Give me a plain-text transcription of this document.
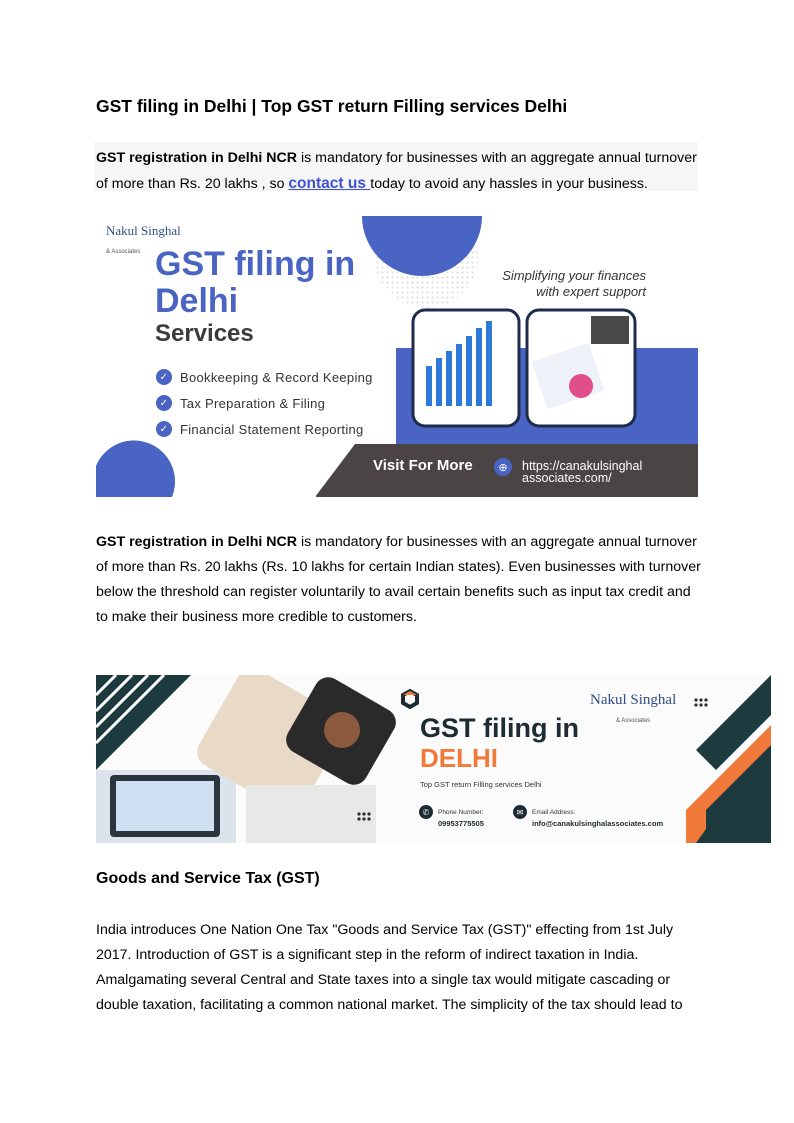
GST filing in Delhi | Top GST return Filling services Delhi
GST registration in Delhi NCR is mandatory for businesses with an aggregate annual turnover
of more than Rs. 20 lakhs , so contact us today to avoid any hassles in your business.
Nakul Singhal
& Associates GST filing in
Delhi
Services
✓ Bookkeeping & Record Keeping
✓ Tax Preparation & Filing
✓ Financial Statement Reporting
Simplifying your finances
with expert support
Visit For More	⊕	https://canakulsinghal
associates.com/
GST registration in Delhi NCR is mandatory for businesses with an aggregate annual turnover
of more than Rs. 20 lakhs (Rs. 10 lakhs for certain Indian states). Even businesses with turnover
below the threshold can register voluntarily to avail certain benefits such as input tax credit and
to make their business more credible to customers.
Nakul Singhal
& Associates
GST filing in
DELHI
Top GST return Filling services Delhi
✆	Phone Number:
09953775505
✉	Email Address:
info@canakulsinghalassociates.com
Goods and Service Tax (GST)
India introduces One Nation One Tax "Goods and Service Tax (GST)" effecting from 1st July
2017. Introduction of GST is a significant step in the reform of indirect taxation in India.
Amalgamating several Central and State taxes into a single tax would mitigate cascading or
double taxation, facilitating a common national market. The simplicity of the tax should lead to
